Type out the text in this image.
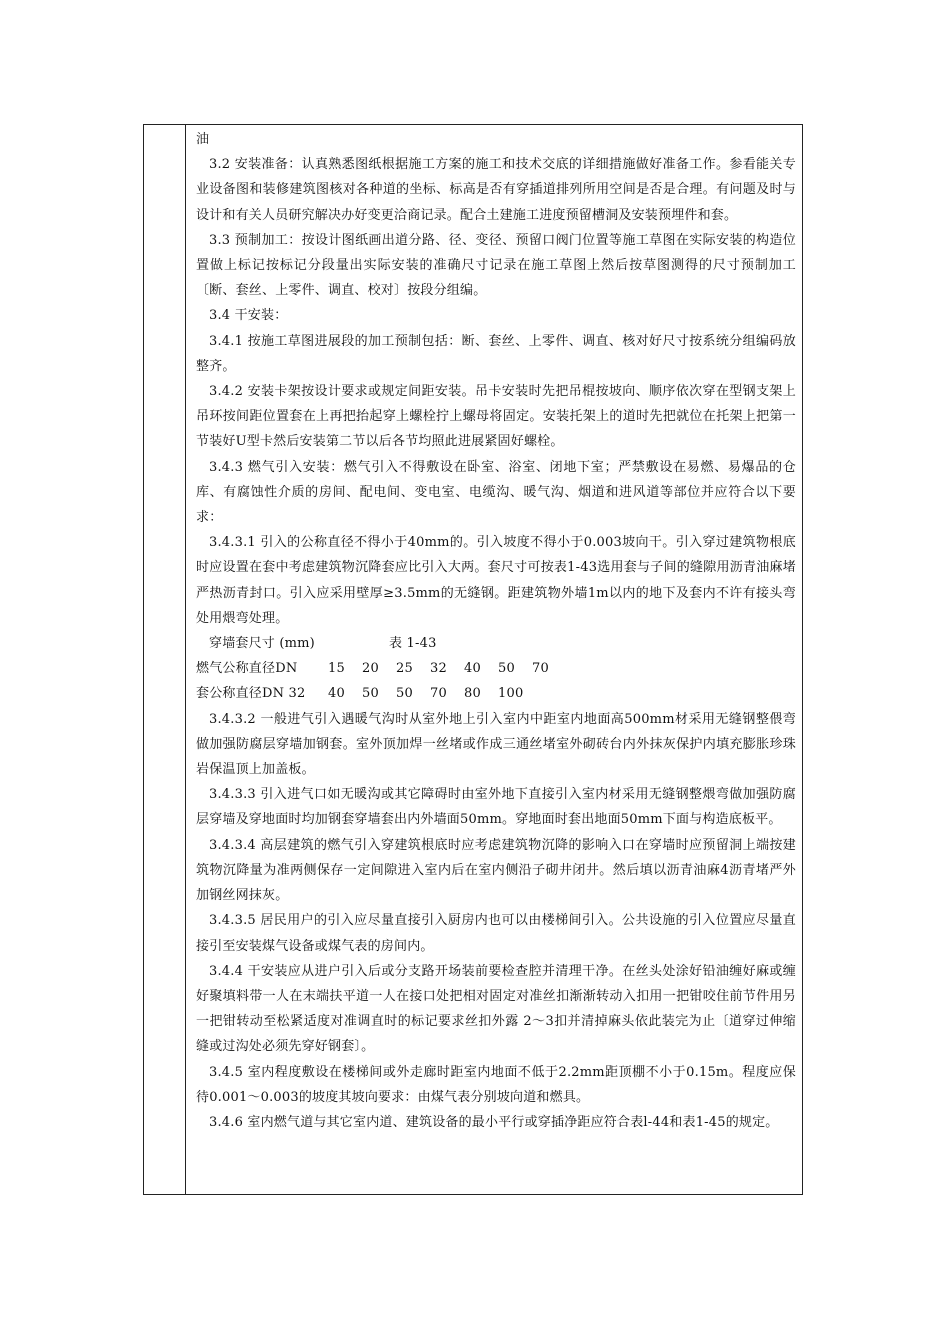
油

3.2 安装准备：认真熟悉图纸根据施工方案的施工和技术交底的详细措施做好准备工作。参看能关专业设备图和装修建筑图核对各种道的坐标、标高是否有穿插道排列所用空间是否是合理。有问题及时与设计和有关人员研究解决办好变更洽商记录。配合土建施工进度预留槽洞及安装预埋件和套。

3.3 预制加工：按设计图纸画出道分路、径、变径、预留口阀门位置等施工草图在实际安装的构造位置做上标记按标记分段量出实际安装的准确尺寸记录在施工草图上然后按草图测得的尺寸预制加工〔断、套丝、上零件、调直、校对〕按段分组编。

3.4 干安装：

3.4.1 按施工草图进展段的加工预制包括：断、套丝、上零件、调直、核对好尺寸按系统分组编码放整齐。

3.4.2 安装卡架按设计要求或规定间距安装。吊卡安装时先把吊棍按坡向、顺序依次穿在型钢支架上吊环按间距位置套在上再把抬起穿上螺栓拧上螺母将固定。安装托架上的道时先把就位在托架上把第一节装好U型卡然后安装第二节以后各节均照此进展紧固好螺栓。

3.4.3 燃气引入安装：燃气引入不得敷设在卧室、浴室、闭地下室；严禁敷设在易燃、易爆品的仓库、有腐蚀性介质的房间、配电间、变电室、电缆沟、暖气沟、烟道和进风道等部位并应符合以下要求：

3.4.3.1 引入的公称直径不得小于40mm的。引入坡度不得小于0.003坡向干。引入穿过建筑物根底时应设置在套中考虑建筑物沉降套应比引入大两。套尺寸可按表1-43选用套与子间的缝隙用沥青油麻堵严热沥青封口。引入应采用壁厚≥3.5mm的无缝钢。距建筑物外墙1m以内的地下及套内不许有接头弯处用煨弯处理。

穿墙套尺寸 (mm)	表 1-43
燃气公称直径DN	15	20	25	32	40	50	70
套公称直径DN 32	40	50	50	70	80	100

3.4.3.2 一般进气引入遇暖气沟时从室外地上引入室内中距室内地面高500mm材采用无缝钢整偎弯做加强防腐层穿墙加钢套。室外顶加焊一丝堵或作成三通丝堵室外砌砖台内外抹灰保护内填充膨胀珍珠岩保温顶上加盖板。

3.4.3.3 引入进气口如无暖沟或其它障碍时由室外地下直接引入室内材采用无缝钢整煨弯做加强防腐层穿墙及穿地面时均加钢套穿墙套出内外墙面50mm。穿地面时套出地面50mm下面与构造底板平。

3.4.3.4 高层建筑的燃气引入穿建筑根底时应考虑建筑物沉降的影响入口在穿墙时应预留洞上端按建筑物沉降量为准两侧保存一定间隙进入室内后在室内侧沿子砌井闭井。然后填以沥青油麻4沥青堵严外加钢丝网抹灰。

3.4.3.5 居民用户的引入应尽量直接引入厨房内也可以由楼梯间引入。公共设施的引入位置应尽量直接引至安装煤气设备或煤气表的房间内。

3.4.4 干安装应从进户引入后或分支路开场装前要检查腔并清理干净。在丝头处涂好铅油缠好麻或缠好聚填料带一人在末端扶平道一人在接口处把相对固定对准丝扣渐渐转动入扣用一把钳咬住前节件用另一把钳转动至松紧适度对准调直时的标记要求丝扣外露 2～3扣并清掉麻头依此装完为止〔道穿过伸缩缝或过沟处必须先穿好钢套〕。

3.4.5 室内程度敷设在楼梯间或外走廊时距室内地面不低于2.2mm距顶棚不小于0.15m。程度应保待0.001～0.003的坡度其坡向要求：由煤气表分别坡向道和燃具。

3.4.6 室内燃气道与其它室内道、建筑设备的最小平行或穿插净距应符合表l-44和表1-45的规定。
